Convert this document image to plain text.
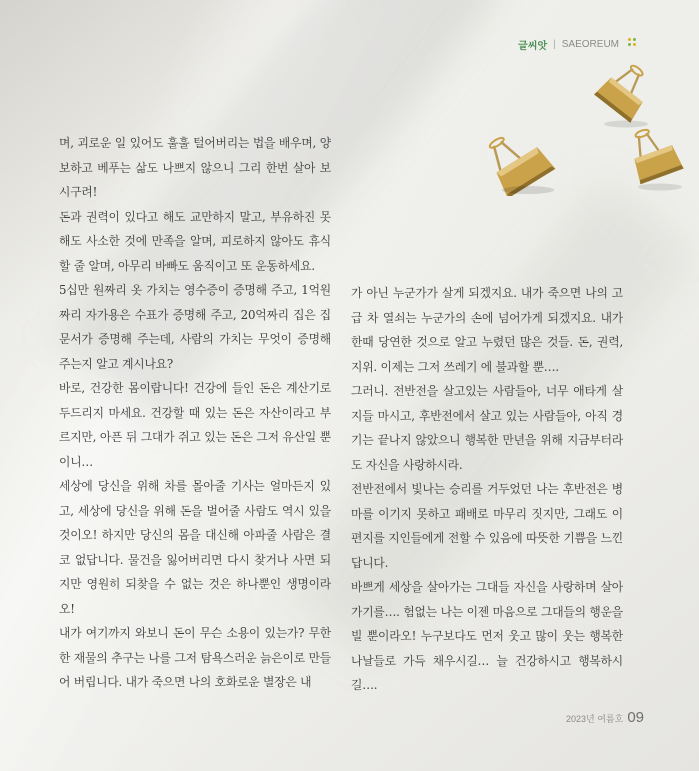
글씨앗 | SAEOREUM

며, 괴로운 일 있어도 훌훌 털어버리는 법을 배우며, 양보하고 베푸는 삶도 나쁘지 않으니 그리 한번 살아 보시구려!

돈과 권력이 있다고 해도 교만하지 말고, 부유하진 못해도 사소한 것에 만족을 알며, 피로하지 않아도 휴식할 줄 알며, 아무리 바빠도 움직이고 또 운동하세요.

5십만 원짜리 옷 가치는 영수증이 증명해 주고, 1억원짜리 자가용은 수표가 증명해 주고, 20억짜리 집은 집문서가 증명해 주는데, 사람의 가치는 무엇이 증명해 주는지 알고 계시나요?

바로, 건강한 몸이랍니다! 건강에 들인 돈은 계산기로 두드리지 마세요. 건강할 때 있는 돈은 자산이라고 부르지만, 아픈 뒤 그대가 쥐고 있는 돈은 그저 유산일 뿐이니…

세상에 당신을 위해 차를 몰아줄 기사는 얼마든지 있고, 세상에 당신을 위해 돈을 벌어줄 사람도 역시 있을 것이오! 하지만 당신의 몸을 대신해 아파줄 사람은 결코 없답니다. 물건을 잃어버리면 다시 찾거나 사면 되지만 영원히 되찾을 수 없는 것은 하나뿐인 생명이라오!

내가 여기까지 와보니 돈이 무슨 소용이 있는가? 무한한 재물의 추구는 나를 그저 탐욕스러운 늙은이로 만들어 버립니다. 내가 죽으면 나의 호화로운 별장은 내

가 아닌 누군가가 살게 되겠지요. 내가 죽으면 나의 고급 차 열쇠는 누군가의 손에 넘어가게 되겠지요. 내가 한때 당연한 것으로 알고 누렸던 많은 것들. 돈, 권력, 지위. 이제는 그저 쓰레기 에 불과할 뿐….

그러니. 전반전을 살고있는 사람들아, 너무 애타게 살지들 마시고, 후반전에서 살고 있는 사람들아, 아직 경기는 끝나지 않았으니 행복한 만년을 위해 지금부터라도 자신을 사랑하시라.

전반전에서 빛나는 승리를 거두었던 나는 후반전은 병마를 이기지 못하고 패배로 마무리 짓지만, 그래도 이 편지를 지인들에게 전할 수 있음에 따뜻한 기쁨을 느낀답니다.

바쁘게 세상을 살아가는 그대들 자신을 사랑하며 살아가기를…. 험없는 나는 이젠 마음으로 그대들의 행운을 빌 뿐이라오! 누구보다도 먼저 웃고 많이 웃는 행복한 나날들로 가득 채우시길… 늘 건강하시고 행복하시길….

2023년 여름호 09
